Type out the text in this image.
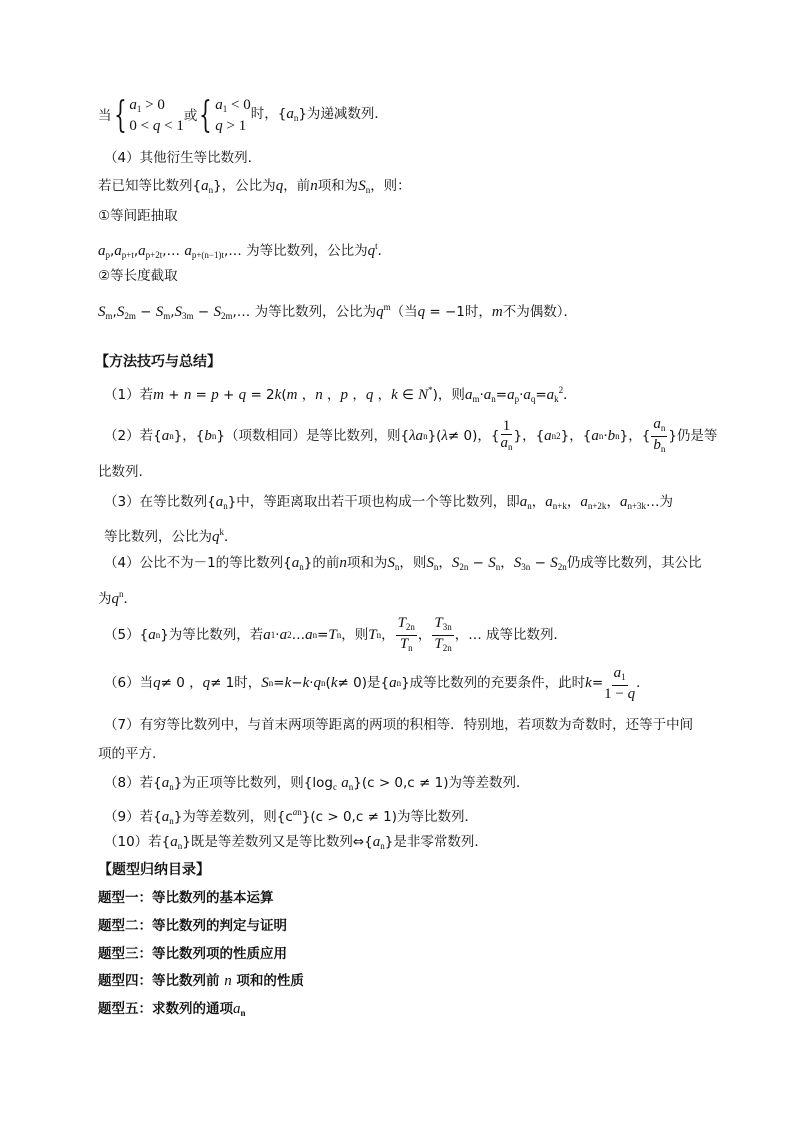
当 { $a_1 > 0$
0 < q < 1
或 { $a_1 < 0$
q > 1
时，$\{a_n\}$为递减数列．
（4）其他衍生等比数列.
若已知等比数列$\{a_n\}$，公比为q，前n项和为$S_n$，则：
①等间距抽取
$a_p,a_{p+t},a_{p+2t},\dots$ $a_{p+(n-1)t},\dots$ 为等比数列，公比为$q^t$．
②等长度截取
$S_m,S_{2m} - S_m,S_{3m}$ − $S_{2m},\dots$ 为等比数列，公比为$q^m$（当q = −1时，m不为偶数）．
【方法技巧与总结】
（1）若m + n = p + q = 2k(m ，n ，p ，q ，k ∈ N*)，则$a_m\cdot a_n=a_p\cdot a_q=a_k^2$．
（2）若{ a n }，{ b n }（项数相同）是等比数列，则{ λa n }( λ ≠ 0)，{ $\frac{1}{a_n}$ }，{ a n 2 }，{ a n · b n }，{ $\frac{a_n}{b_n}$ }仍是等
比数列.
（3）在等比数列$\{a_n\}$中，等距离取出若干项也构成一个等比数列，即$a_n$，$a_{n+k}$，$a_{n+2k}$，$a_{n+3k}\dots$为
等比数列，公比为$q^k$．
（4）公比不为－1的等比数列$\{a_n\}$的前n项和为$S_n$，则$S_n$，$S_{2n} - S_n$，$S_{3n} - S_{2n}$仍成等比数列，其公比
为$q^n$．
（5）{ a n }为等比数列，若 a 1 · a 2 … a n = T n ，则 T n ， $\frac{T_{2n}}{T_n}$ ， $\frac{T_{3n}}{T_{2n}}$ ，… 成等比数列．
（6）当 q ≠ 0 ， q ≠ 1时， S n = k − k · q n ( k ≠ 0)是{ a n }成等比数列的充要条件，此时 $k = \frac{a_1}{1 - q}$ ．
（7）有穷等比数列中，与首末两项等距离的两项的积相等．特别地，若项数为奇数时，还等于中间
项的平方.
（8）若$\{a_n\}$为正项等比数列，则{$\log_c$ $a_n\}(c > 0,c \ne 1)$为等差数列．
（9）若$\{a_n\}$为等差数列，则$\{c^{an}\}(c > 0,c \ne 1)$为等比数列．
（10）若$\{a_n\}$既是等差数列又是等比数列$\Leftrightarrow\{a_n\}$是非零常数列．
【题型归纳目录】
题型一：等比数列的基本运算
题型二：等比数列的判定与证明
题型三：等比数列项的性质应用
题型四：等比数列前 n 项和的性质
题型五：求数列的通项$a_n$
